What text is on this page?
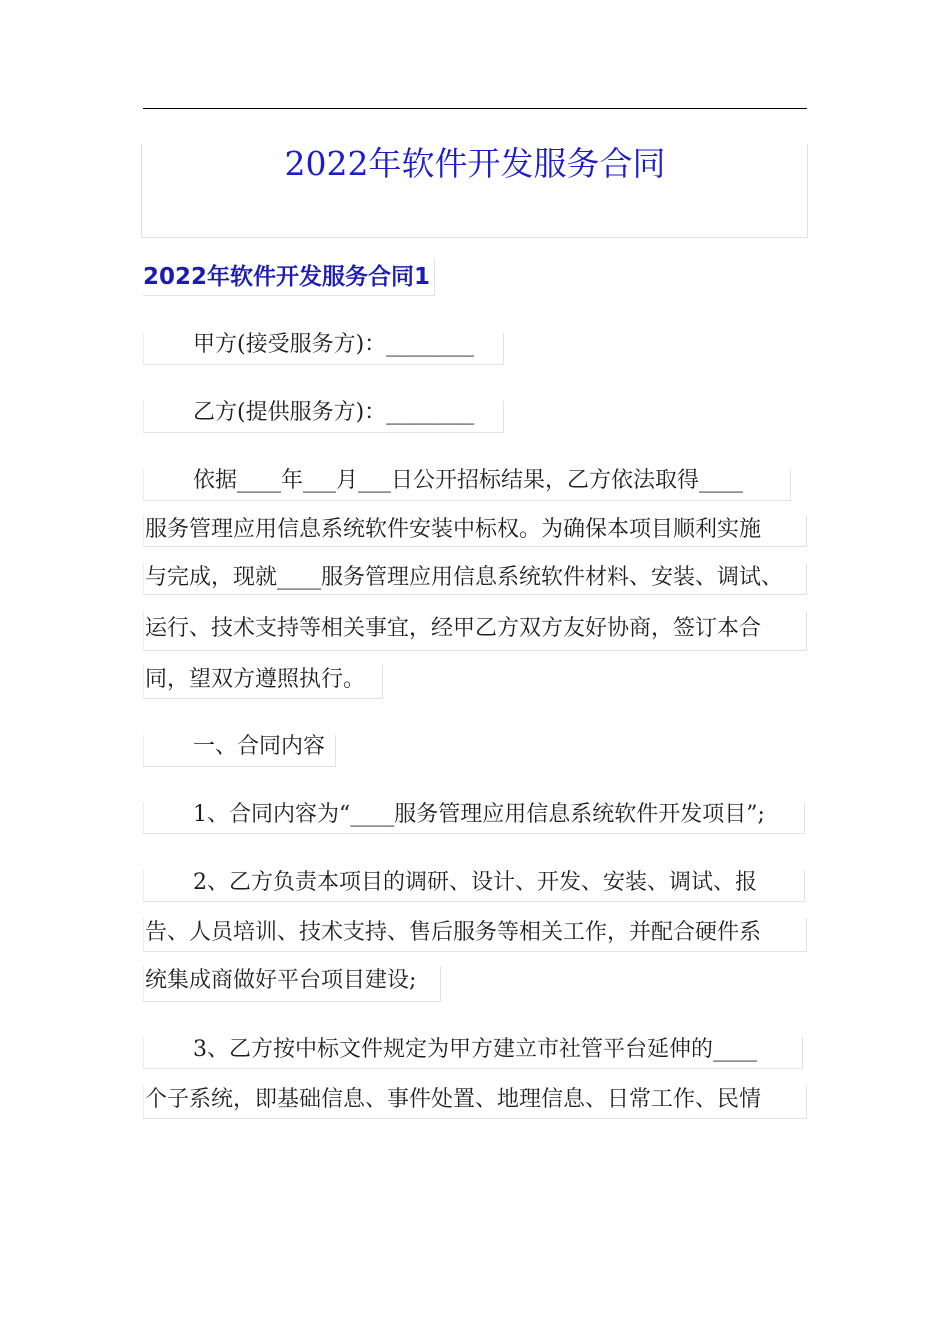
2022年软件开发服务合同
2022年软件开发服务合同1
甲方(接受服务方)：________
乙方(提供服务方)：________
依据____年___月___日公开招标结果，乙方依法取得____
服务管理应用信息系统软件安装中标权。为确保本项目顺利实施
与完成，现就____服务管理应用信息系统软件材料、安装、调试、
运行、技术支持等相关事宜，经甲乙方双方友好协商，签订本合
同，望双方遵照执行。
一、合同内容
1、合同内容为“____服务管理应用信息系统软件开发项目”;
2、乙方负责本项目的调研、设计、开发、安装、调试、报
告、人员培训、技术支持、售后服务等相关工作，并配合硬件系
统集成商做好平台项目建设;
3、乙方按中标文件规定为甲方建立市社管平台延伸的____
个子系统，即基础信息、事件处置、地理信息、日常工作、民情
